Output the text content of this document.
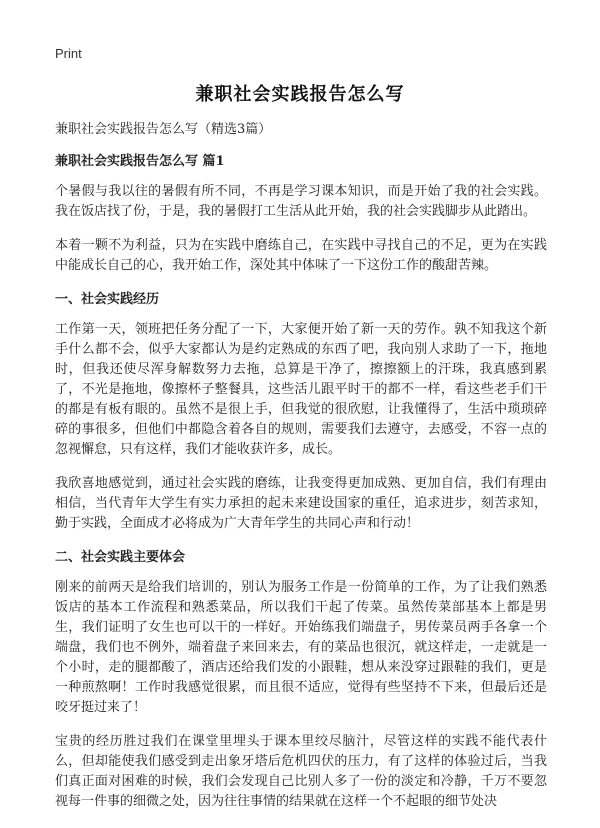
Print
兼职社会实践报告怎么写

兼职社会实践报告怎么写（精选3篇）

兼职社会实践报告怎么写 篇1

个暑假与我以往的暑假有所不同，不再是学习课本知识，而是开始了我的社会实践。我在饭店找了份，于是，我的暑假打工生活从此开始，我的社会实践脚步从此踏出。

本着一颗不为利益，只为在实践中磨练自己，在实践中寻找自己的不足，更为在实践中能成长自己的心，我开始工作，深处其中体味了一下这份工作的酸甜苦辣。

一、社会实践经历

工作第一天，领班把任务分配了一下，大家便开始了新一天的劳作。孰不知我这个新手什么都不会，似乎大家都认为是约定熟成的东西了吧，我向别人求助了一下，拖地时，但我还使尽浑身解数努力去拖，总算是干净了，擦擦额上的汗珠，我真感到累了，不光是拖地，像擦杯子整餐具，这些活儿跟平时干的都不一样，看这些老手们干的都是有板有眼的。虽然不是很上手，但我觉的很欣慰，让我懂得了，生活中琐琐碎碎的事很多，但他们中都隐含着各自的规则，需要我们去遵守，去感受，不容一点的忽视懈怠，只有这样，我们才能收获许多，成长。

我欣喜地感觉到，通过社会实践的磨练，让我变得更加成熟、更加自信，我们有理由相信，当代青年大学生有实力承担的起未来建设国家的重任，追求进步，刻苦求知，勤于实践，全面成才必将成为广大青年学生的共同心声和行动！

二、社会实践主要体会

刚来的前两天是给我们培训的，别认为服务工作是一份简单的工作，为了让我们熟悉饭店的基本工作流程和熟悉菜品，所以我们干起了传菜。虽然传菜部基本上都是男生，我们证明了女生也可以干的一样好。开始练我们端盘子，男传菜员两手各拿一个端盘，我们也不例外，端着盘子来回来去，有的菜品也很沉，就这样走，一走就是一个小时，走的腿都酸了，酒店还给我们发的小跟鞋，想从来没穿过跟鞋的我们，更是一种煎熬啊！工作时我感觉很累，而且很不适应，觉得有些坚持不下来，但最后还是咬牙挺过来了！

宝贵的经历胜过我们在课堂里埋头于课本里绞尽脑汁，尽管这样的实践不能代表什么，但却能使我们感受到走出象牙塔后危机四伏的压力，有了这样的体验过后，当我们真正面对困难的时候，我们会发现自己比别人多了一份的淡定和冷静，千万不要忽视每一件事的细微之处，因为往往事情的结果就在这样一个不起眼的细节处决
